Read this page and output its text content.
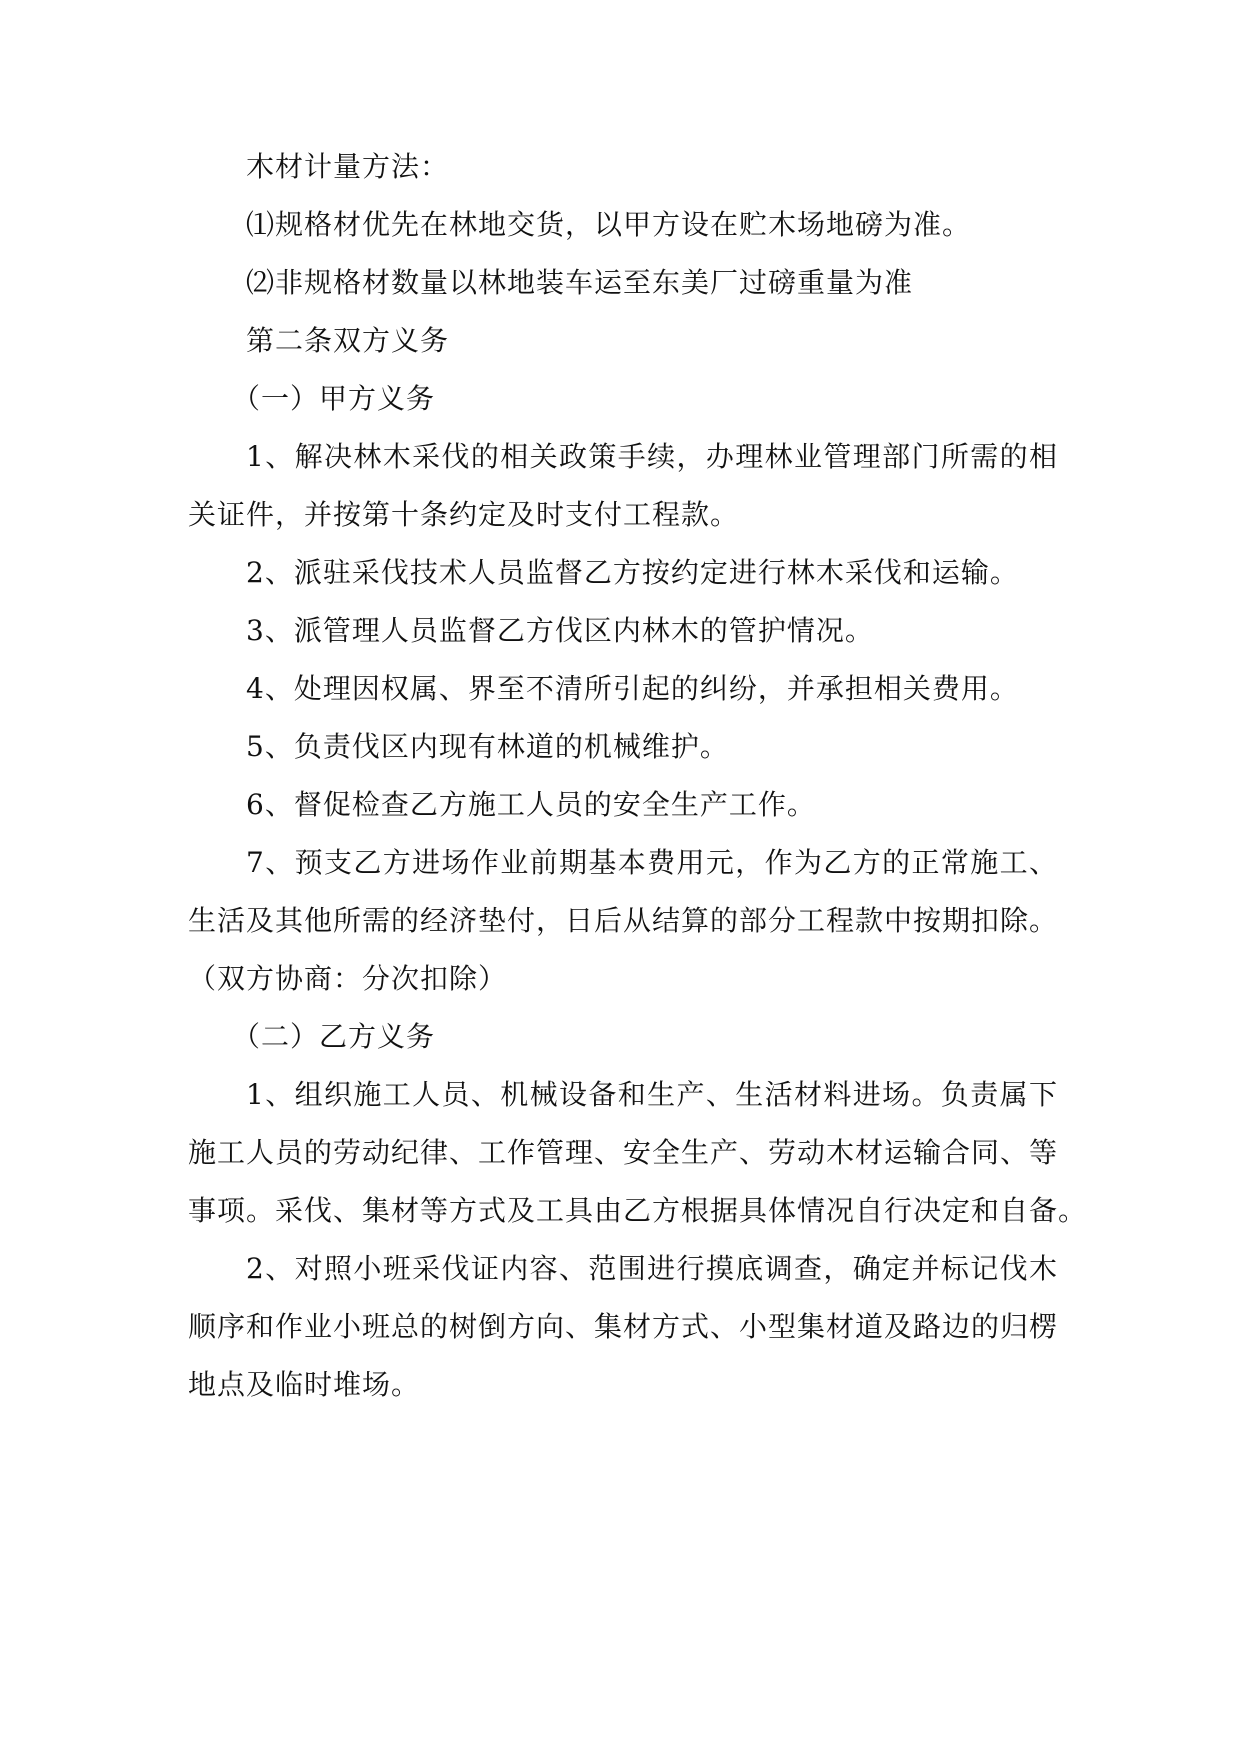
木材计量方法：
⑴规格材优先在林地交货，以甲方设在贮木场地磅为准。
⑵非规格材数量以林地装车运至东美厂过磅重量为准
第二条双方义务
（一）甲方义务
1、解决林木采伐的相关政策手续，办理林业管理部门所需的相
关证件，并按第十条约定及时支付工程款。
2、派驻采伐技术人员监督乙方按约定进行林木采伐和运输。
3、派管理人员监督乙方伐区内林木的管护情况。
4、处理因权属、界至不清所引起的纠纷，并承担相关费用。
5、负责伐区内现有林道的机械维护。
6、督促检查乙方施工人员的安全生产工作。
7、预支乙方进场作业前期基本费用元，作为乙方的正常施工、
生活及其他所需的经济垫付，日后从结算的部分工程款中按期扣除。
（双方协商：分次扣除）
（二）乙方义务
1、组织施工人员、机械设备和生产、生活材料进场。负责属下
施工人员的劳动纪律、工作管理、安全生产、劳动木材运输合同、等
事项。采伐、集材等方式及工具由乙方根据具体情况自行决定和自备。
2、对照小班采伐证内容、范围进行摸底调查，确定并标记伐木
顺序和作业小班总的树倒方向、集材方式、小型集材道及路边的归楞
地点及临时堆场。
